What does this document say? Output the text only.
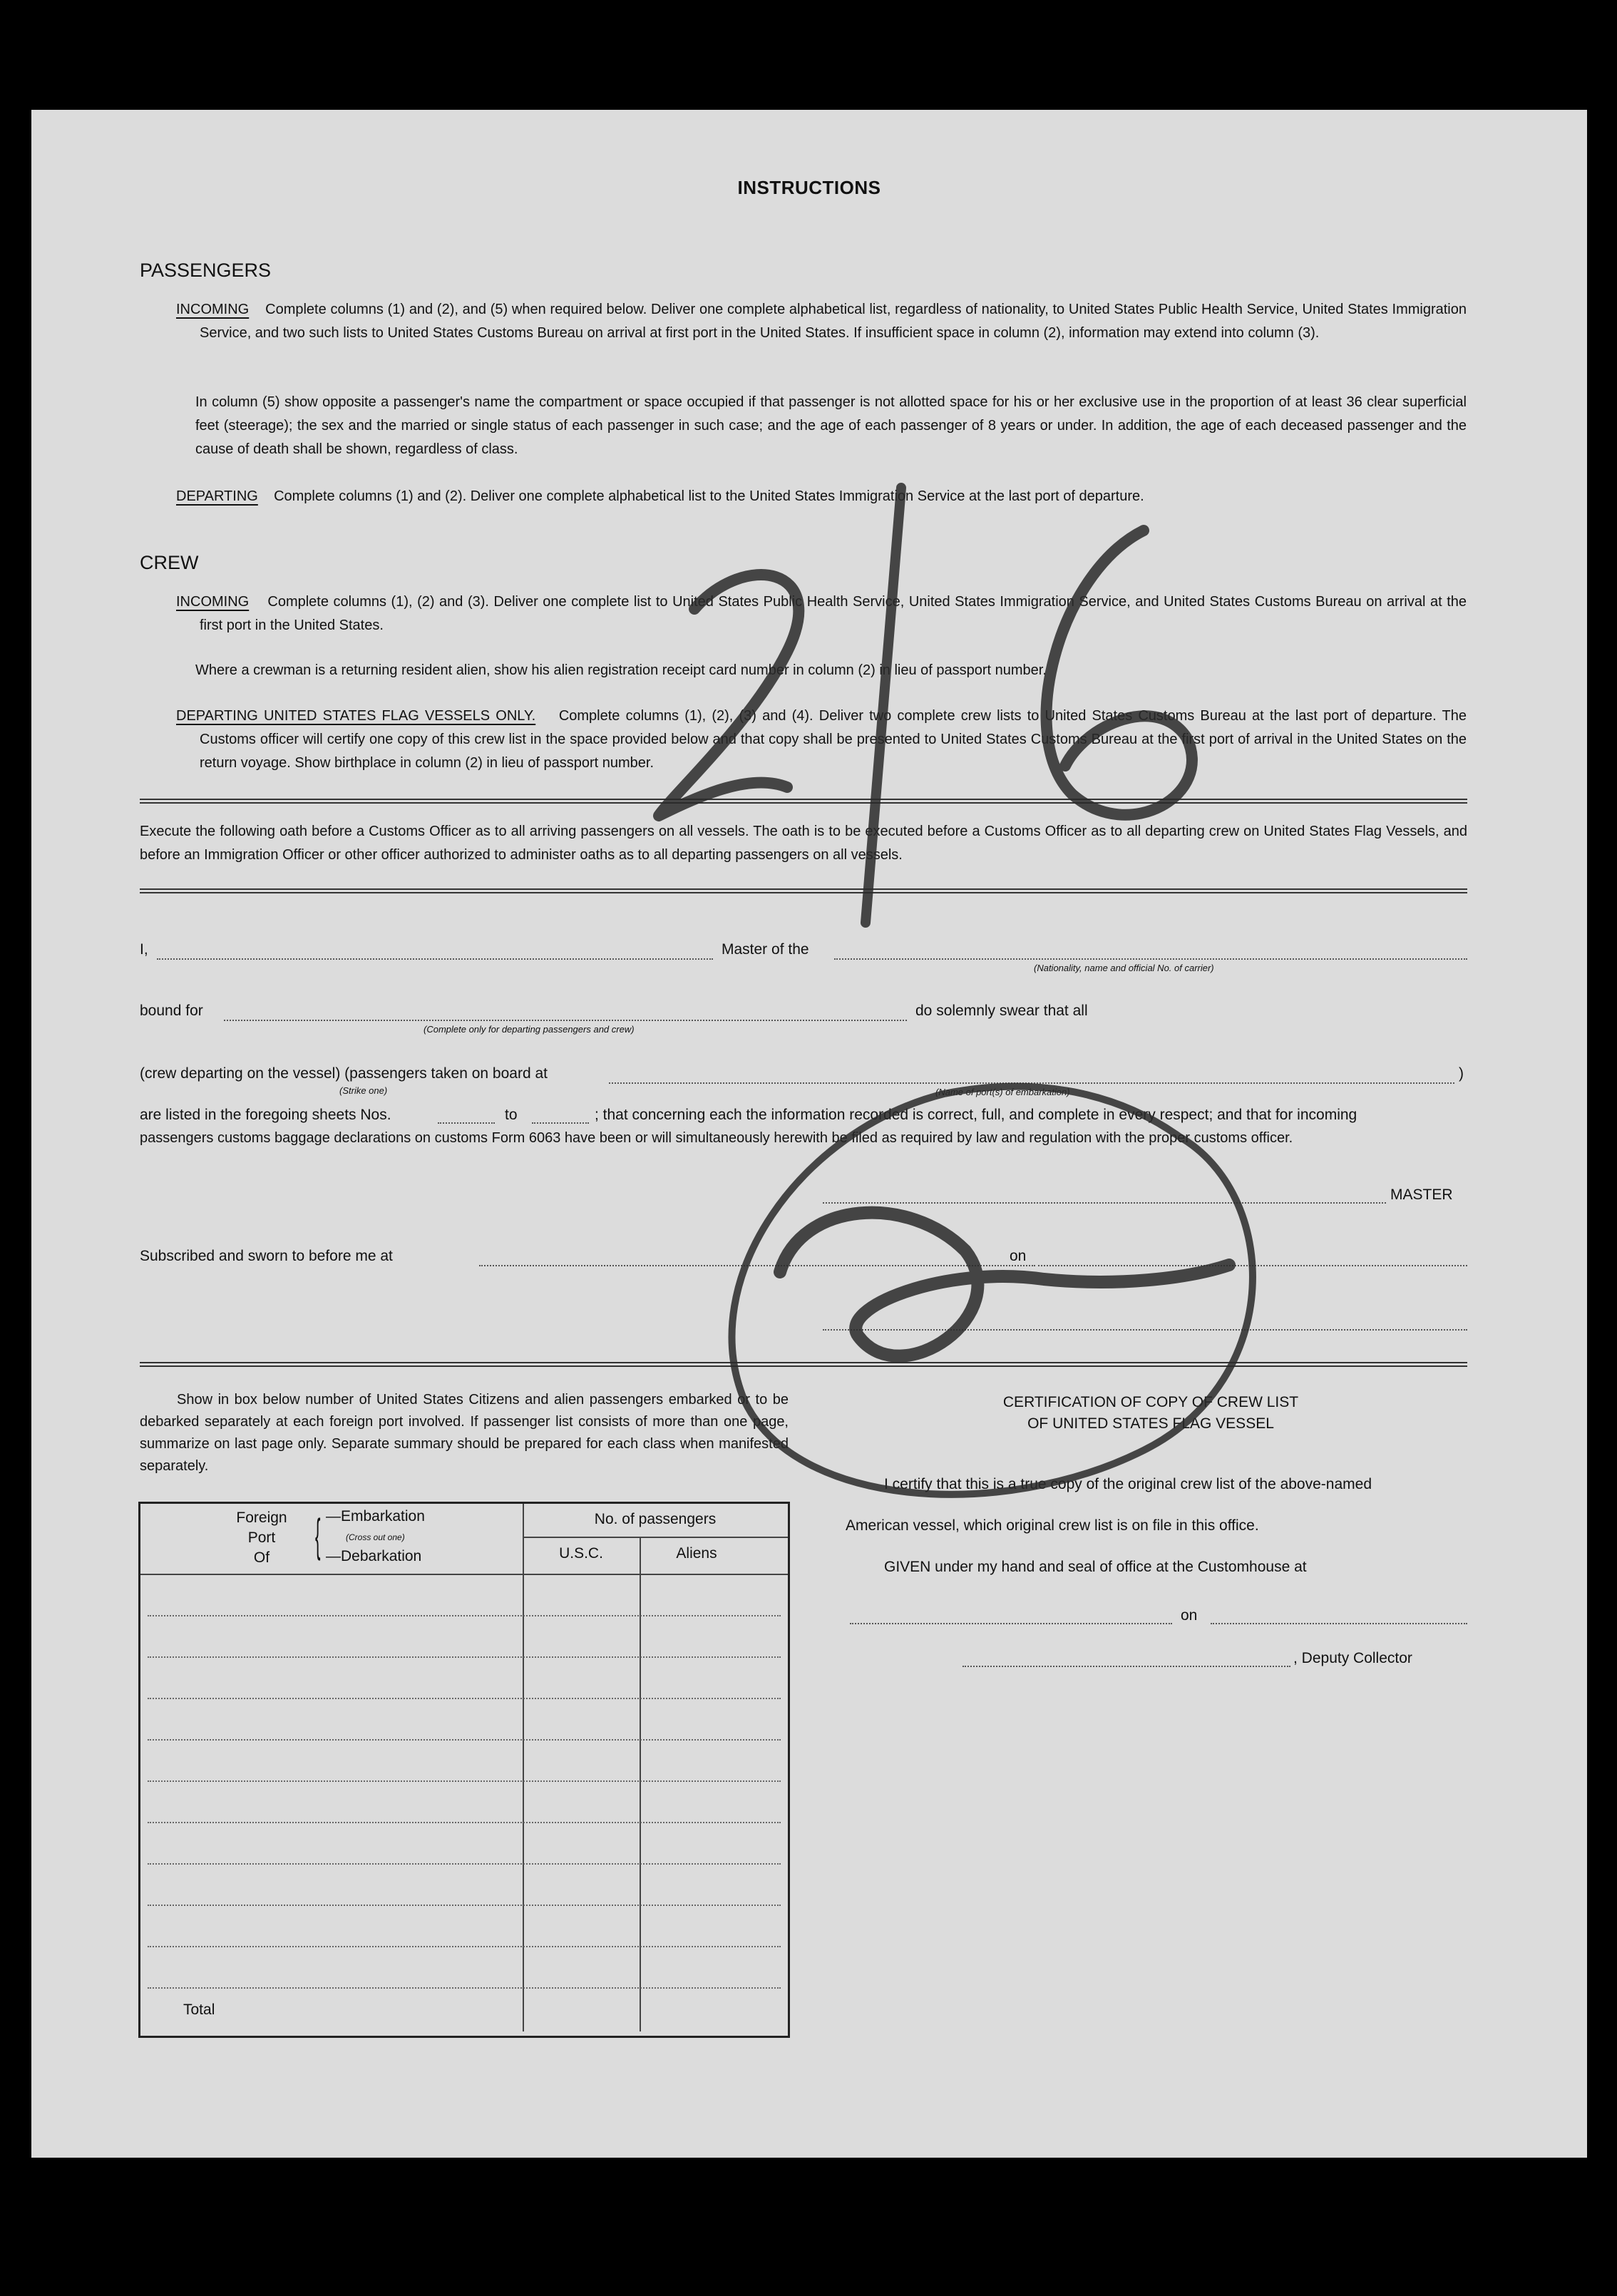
INSTRUCTIONS
PASSENGERS
INCOMING Complete columns (1) and (2), and (5) when required below. Deliver one complete alphabetical list, regardless of nationality, to United States Public Health Service, United States Immigration Service, and two such lists to United States Customs Bureau on arrival at first port in the United States. If insufficient space in column (2), information may extend into column (3).
In column (5) show opposite a passenger's name the compartment or space occupied if that passenger is not allotted space for his or her exclusive use in the proportion of at least 36 clear superficial feet (steerage); the sex and the married or single status of each passenger in such case; and the age of each passenger of 8 years or under. In addition, the age of each deceased passenger and the cause of death shall be shown, regardless of class.
DEPARTING Complete columns (1) and (2). Deliver one complete alphabetical list to the United States Immigration Service at the last port of departure.
CREW
INCOMING Complete columns (1), (2) and (3). Deliver one complete list to United States Public Health Service, United States Immigration Service, and United States Customs Bureau on arrival at the first port in the United States.
Where a crewman is a returning resident alien, show his alien registration receipt card number in column (2) in lieu of passport number.
DEPARTING UNITED STATES FLAG VESSELS ONLY. Complete columns (1), (2), (3) and (4). Deliver two complete crew lists to United States Customs Bureau at the last port of departure. The Customs officer will certify one copy of this crew list in the space provided below and that copy shall be presented to United States Customs Bureau at the first port of arrival in the United States on the return voyage. Show birthplace in column (2) in lieu of passport number.
Execute the following oath before a Customs Officer as to all arriving passengers on all vessels. The oath is to be executed before a Customs Officer as to all departing crew on United States Flag Vessels, and before an Immigration Officer or other officer authorized to administer oaths as to all departing passengers on all vessels.
I,	Master of the
(Nationality, name and official No. of carrier)
bound for
(Complete only for departing passengers and crew)
do solemnly swear that all
(crew departing on the vessel) (passengers taken on board at
(Strike one)	(Name of port(s) of embarkation)
)
are listed in the foregoing sheets Nos.	to	; that concerning each the information recorded is correct, full, and complete in every respect; and that for incoming
passengers customs baggage declarations on customs Form 6063 have been or will simultaneously herewith be filed as required by law and regulation with the proper customs officer.
MASTER
Subscribed and sworn to before me at	on
Show in box below number of United States Citizens and alien passengers embarked or to be debarked separately at each foreign port involved. If passenger list consists of more than one page, summarize on last page only. Separate summary should be prepared for each class when manifested separately.
Foreign
Port
Of { —Embarkation
(Cross out one)
—Debarkation
No. of passengers
U.S.C.	Aliens
Total
CERTIFICATION OF COPY OF CREW LIST
OF UNITED STATES FLAG VESSEL
I certify that this is a true copy of the original crew list of the above-named
American vessel, which original crew list is on file in this office.
GIVEN under my hand and seal of office at the Customhouse at
on
, Deputy Collector
